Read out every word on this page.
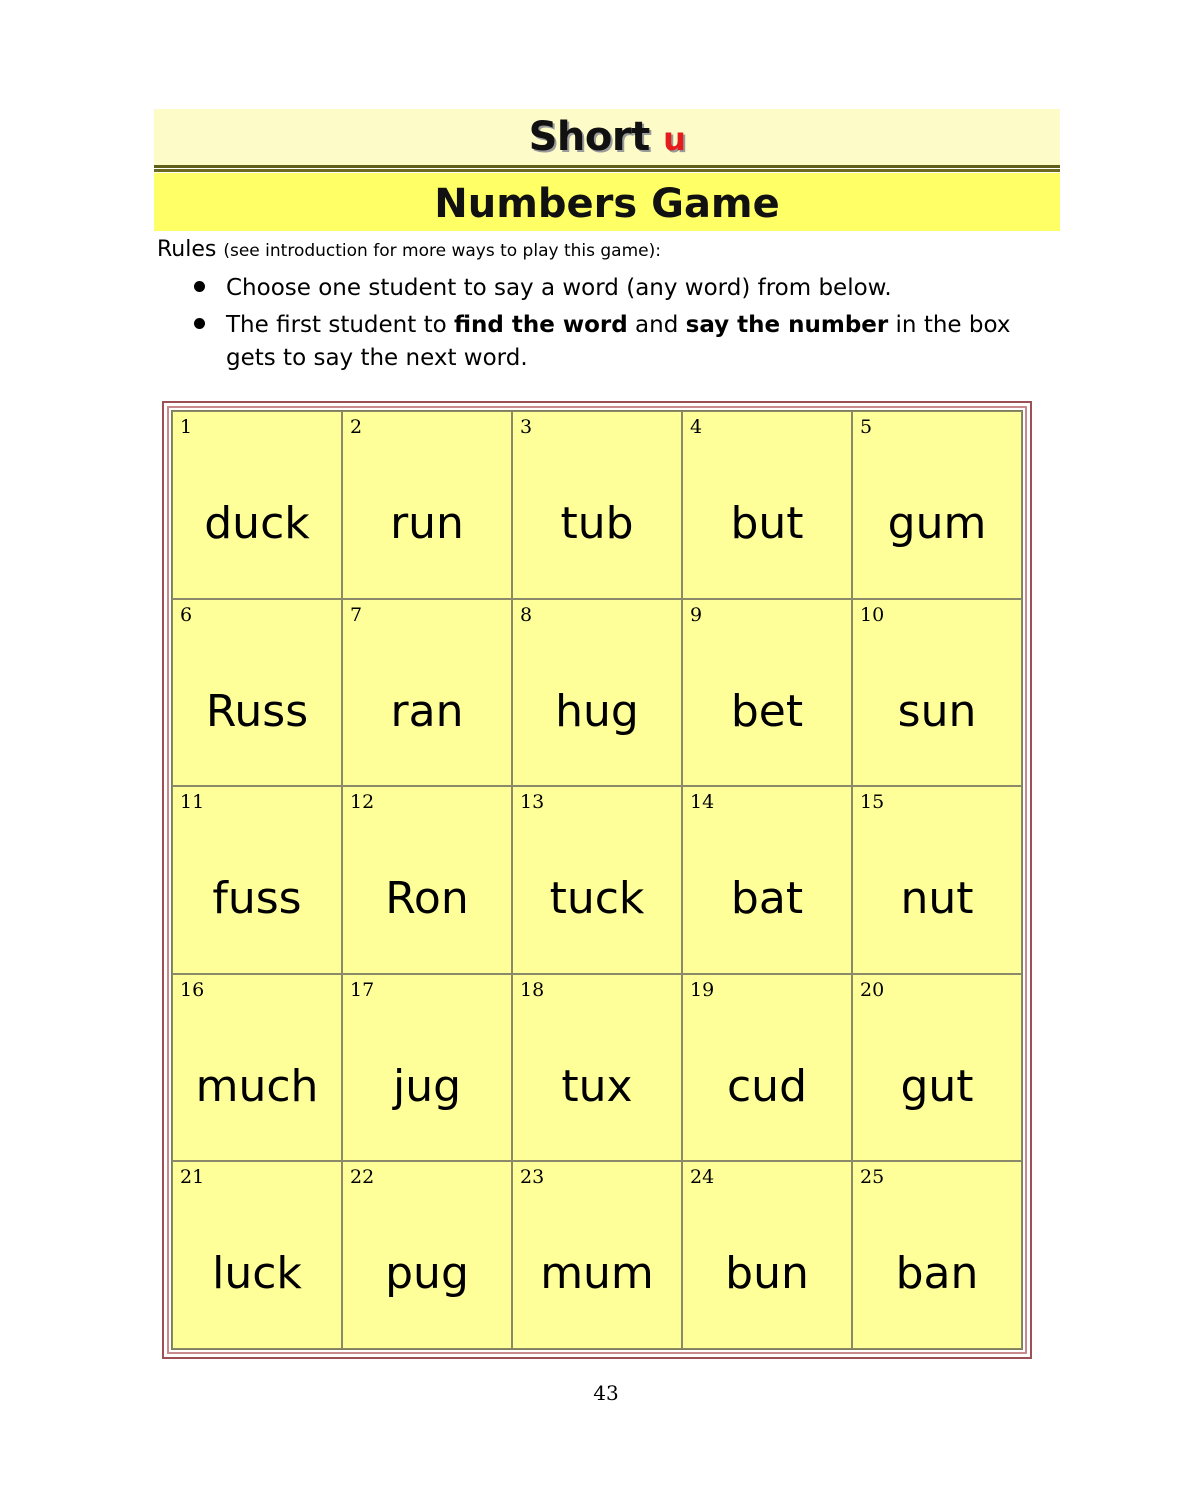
Short u
Numbers Game
Rules (see introduction for more ways to play this game):
Choose one student to say a word (any word) from below.
The first student to find the word and say the number in the box gets to say the next word.
1
duck
2
run
3
tub
4
but
5
gum
6
Russ
7
ran
8
hug
9
bet
10
sun
11
fuss
12
Ron
13
tuck
14
bat
15
nut
16
much
17
jug
18
tux
19
cud
20
gut
21
luck
22
pug
23
mum
24
bun
25
ban
43
